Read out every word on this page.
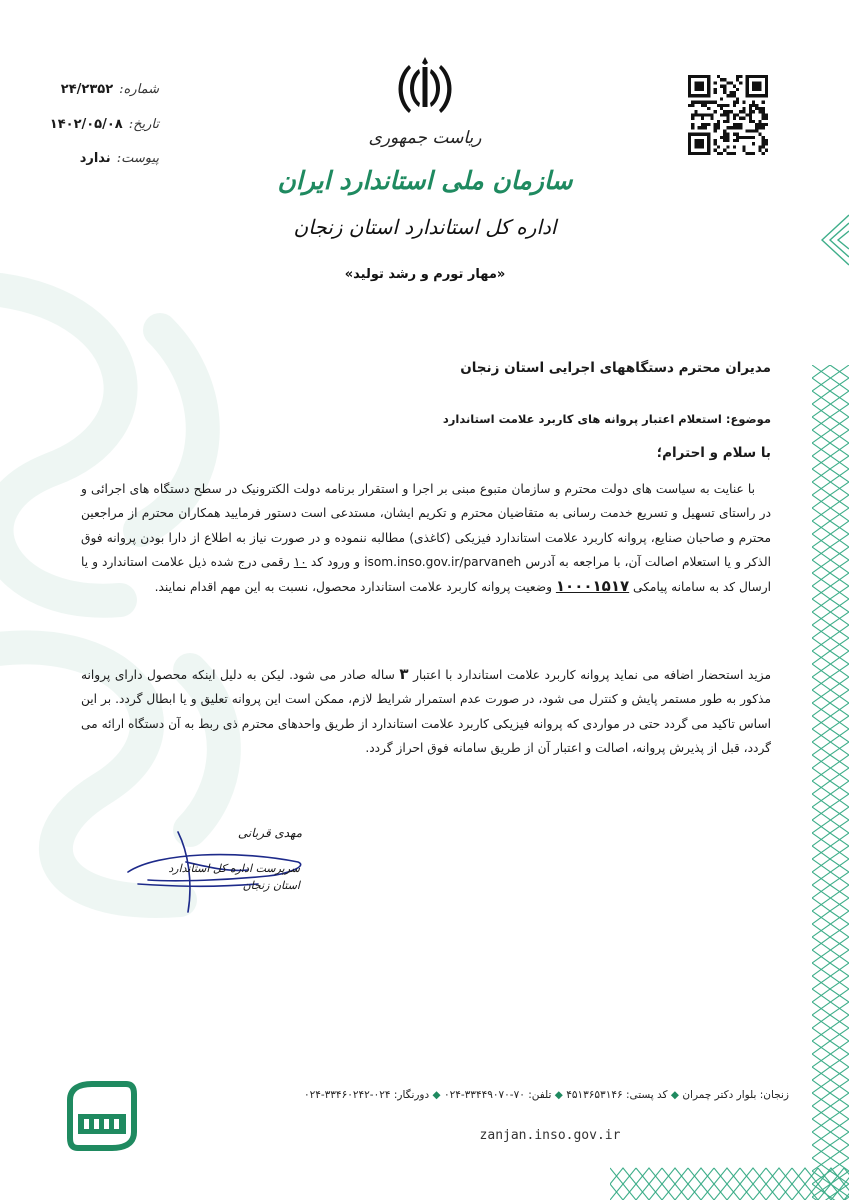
ریاست جمهوری
سازمان ملی استاندارد ایران
اداره کل استاندارد استان زنجان
«مهار تورم و رشد تولید»
شماره:۲۴/۲۳۵۲
تاریخ:۱۴۰۲/۰۵/۰۸
پیوست:ندارد
مدیران محترم دستگاههای اجرایی استان زنجان
موضوع: استعلام اعتبار پروانه های کاربرد علامت استاندارد
با سلام و احترام؛
با عنایت به سیاست های دولت محترم و سازمان متبوع مبنی بر اجرا و استقرار برنامه دولت الکترونیک در سطح دستگاه های اجرائی و در راستای تسهیل و تسریع خدمت رسانی به متقاضیان محترم و تکریم ایشان، مستدعی است دستور فرمایید همکاران محترم از مراجعین محترم و صاحبان صنایع، پروانه کاربرد علامت استاندارد فیزیکی (کاغذی) مطالبه ننموده و در صورت نیاز به اطلاع از دارا بودن پروانه فوق الذکر و یا استعلام اصالت آن، با مراجعه به آدرس isom.inso.gov.ir/parvaneh و ورود کد ۱۰ رقمی درج شده ذیل علامت استاندارد و یا ارسال کد به سامانه پیامکی ۱۰۰۰۱۵۱۷ وضعیت پروانه کاربرد علامت استاندارد محصول، نسبت به این مهم اقدام نمایند.
مزید استحضار اضافه می نماید پروانه کاربرد علامت استاندارد با اعتبار ۳ ساله صادر می شود. لیکن به دلیل اینکه محصول دارای پروانه مذکور به طور مستمر پایش و کنترل می شود، در صورت عدم استمرار شرایط لازم، ممکن است این پروانه تعلیق و یا ابطال گردد. بر این اساس تاکید می گردد حتی در مواردی که پروانه فیزیکی کاربرد علامت استاندارد از طریق واحدهای محترم ذی ربط به آن دستگاه ارائه می گردد، قبل از پذیرش پروانه، اصالت و اعتبار آن از طریق سامانه فوق احراز گردد.
مهدی قربانی
سرپرست اداره کل استاندارد
استان زنجان
زنجان: بلوار دکتر چمران ◆ کد پستی: ۴۵۱۳۶۵۳۱۴۶ ◆ تلفن: ۷۰-۳۳۴۴۹۰۷۰-۰۲۴ ◆ دورنگار: ۰۲۴-۳۳۴۶۰۲۴۲-۰۲۴
zanjan.inso.gov.ir
